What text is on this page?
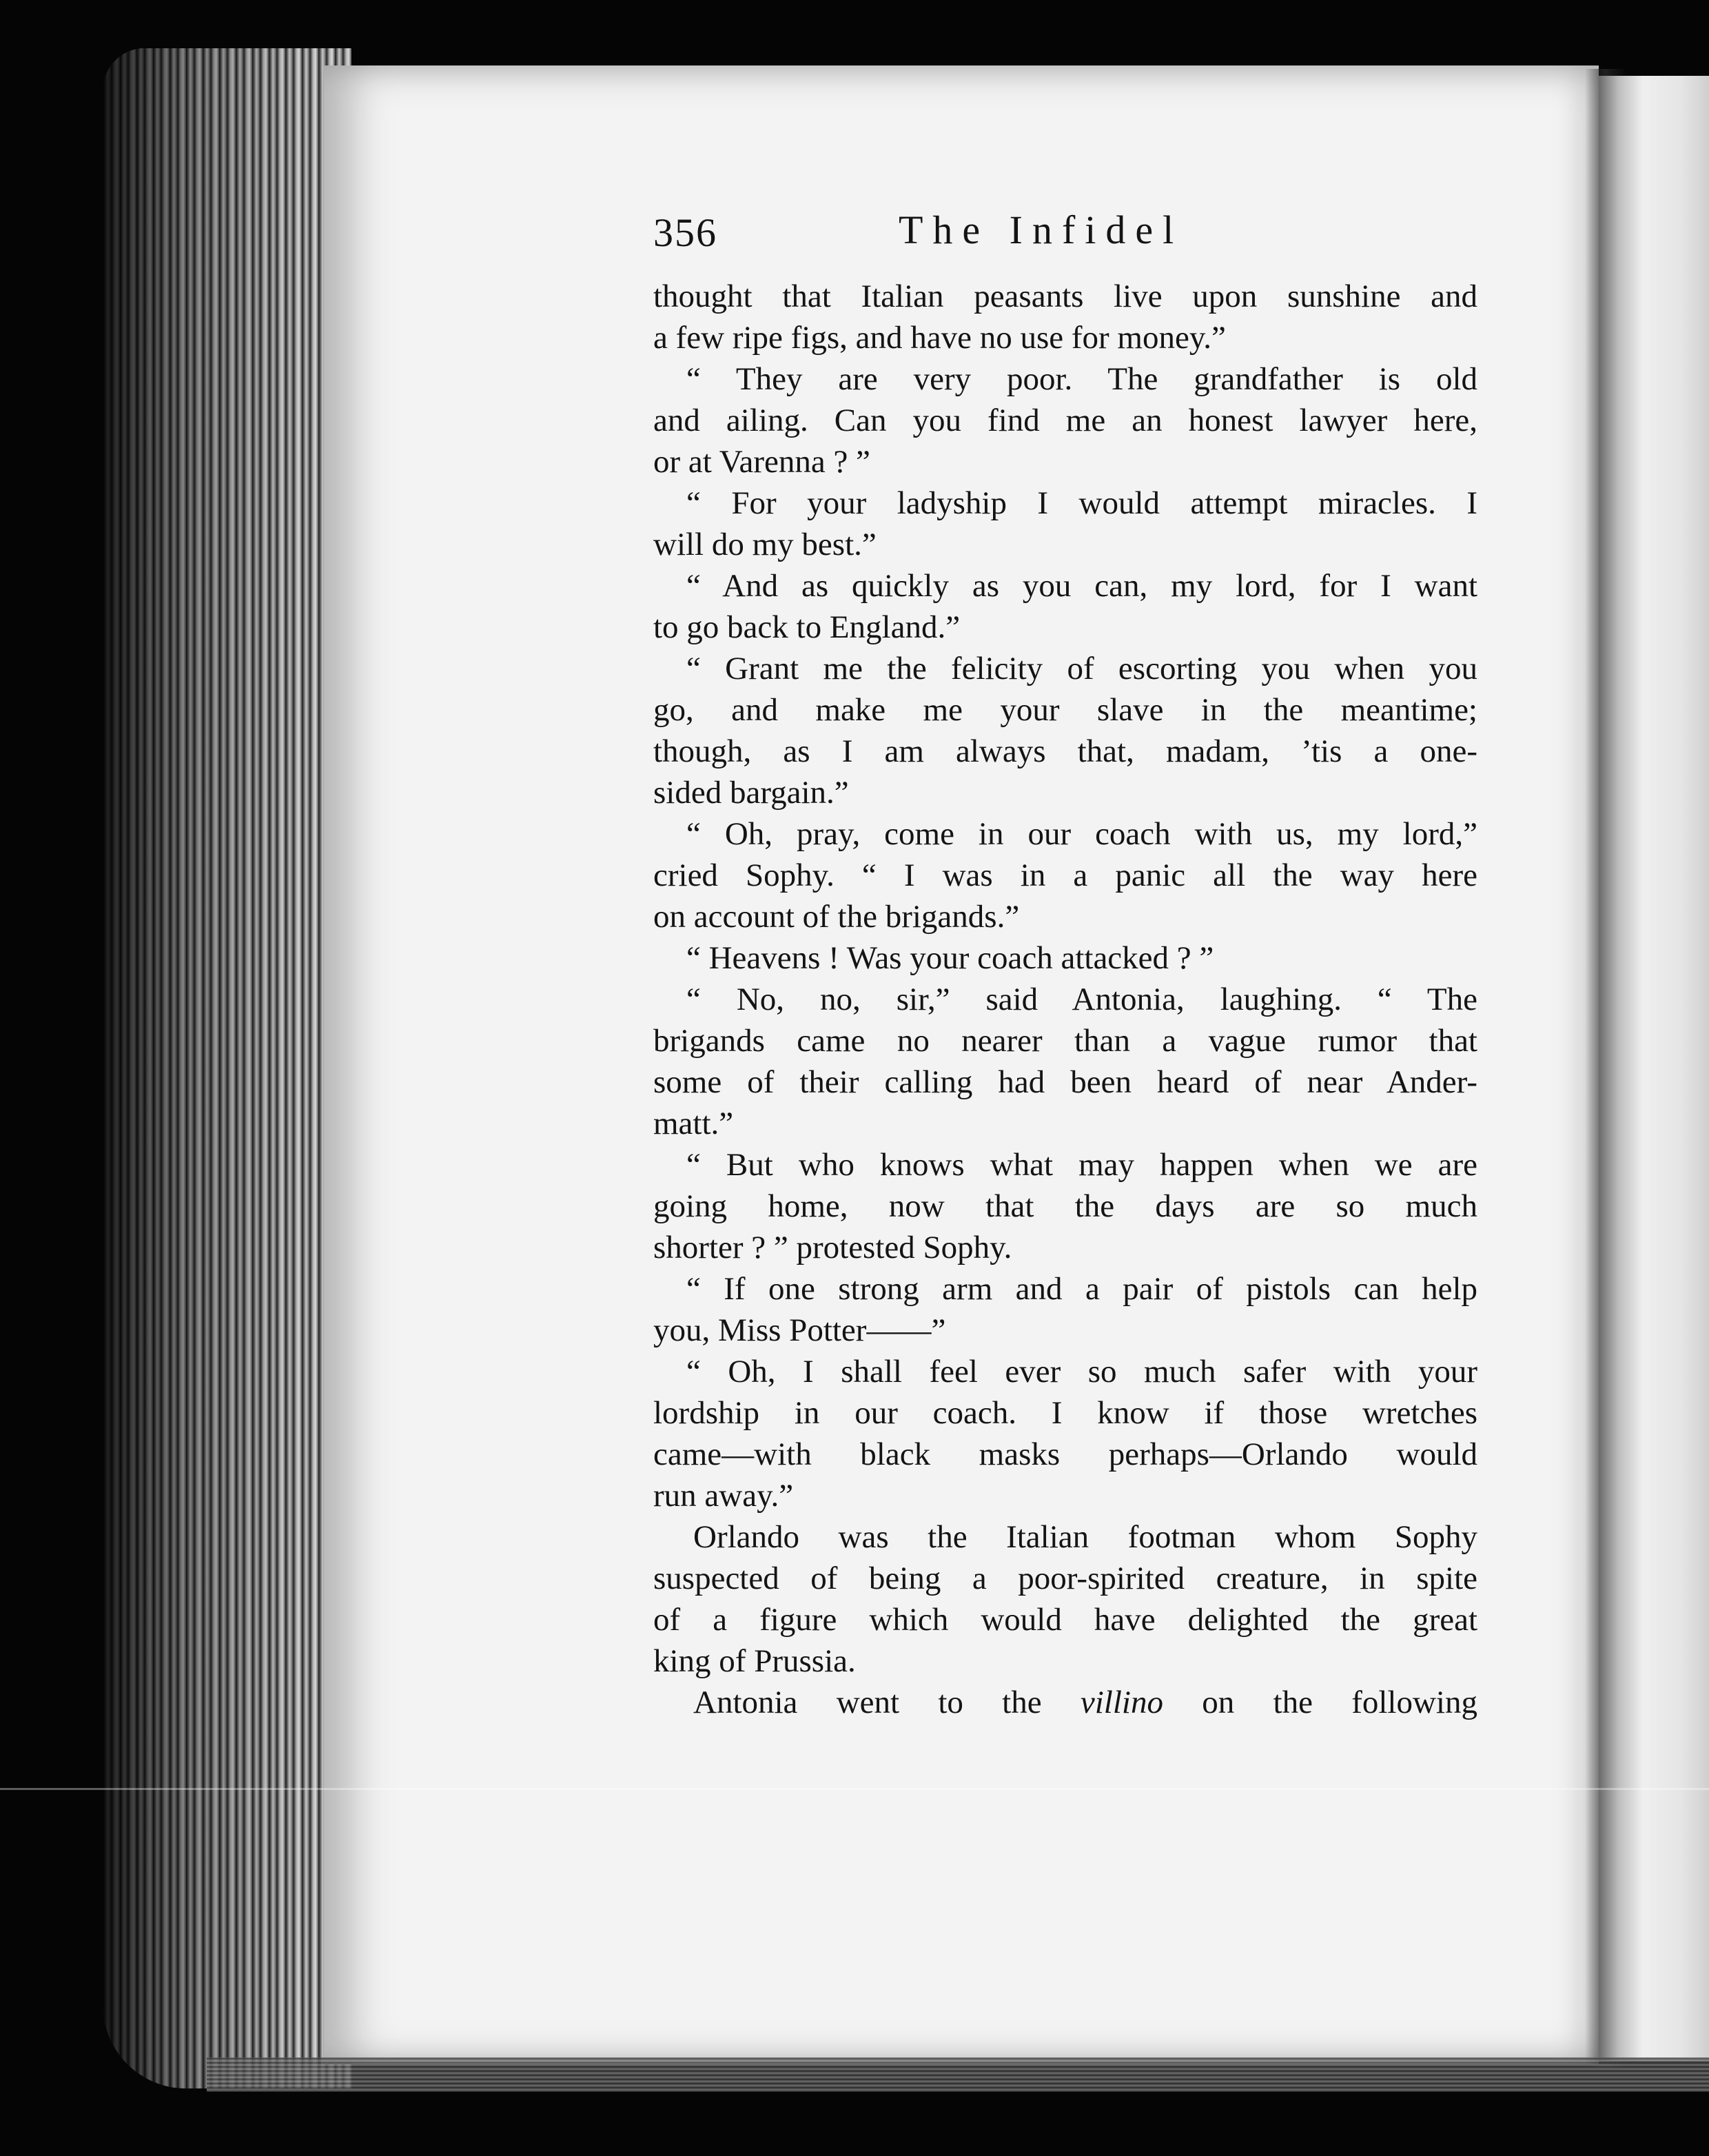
356	The Infidel
thought that Italian peasants live upon sunshine and
a few ripe figs, and have no use for money.”
“ They are very poor. The grandfather is old
and ailing. Can you find me an honest lawyer here,
or at Varenna ? ”
“ For your ladyship I would attempt miracles. I
will do my best.”
“ And as quickly as you can, my lord, for I want
to go back to England.”
“ Grant me the felicity of escorting you when you
go, and make me your slave in the meantime;
though, as I am always that, madam, ’tis a one-
sided bargain.”
“ Oh, pray, come in our coach with us, my lord,”
cried Sophy. “ I was in a panic all the way here
on account of the brigands.”
“ Heavens ! Was your coach attacked ? ”
“ No, no, sir,” said Antonia, laughing. “ The
brigands came no nearer than a vague rumor that
some of their calling had been heard of near Ander-
matt.”
“ But who knows what may happen when we are
going home, now that the days are so much
shorter ? ” protested Sophy.
“ If one strong arm and a pair of pistols can help
you, Miss Potter——”
“ Oh, I shall feel ever so much safer with your
lordship in our coach. I know if those wretches
came—with black masks perhaps—Orlando would
run away.”
Orlando was the Italian footman whom Sophy
suspected of being a poor-spirited creature, in spite
of a figure which would have delighted the great
king of Prussia.
Antonia went to the villino on the following
